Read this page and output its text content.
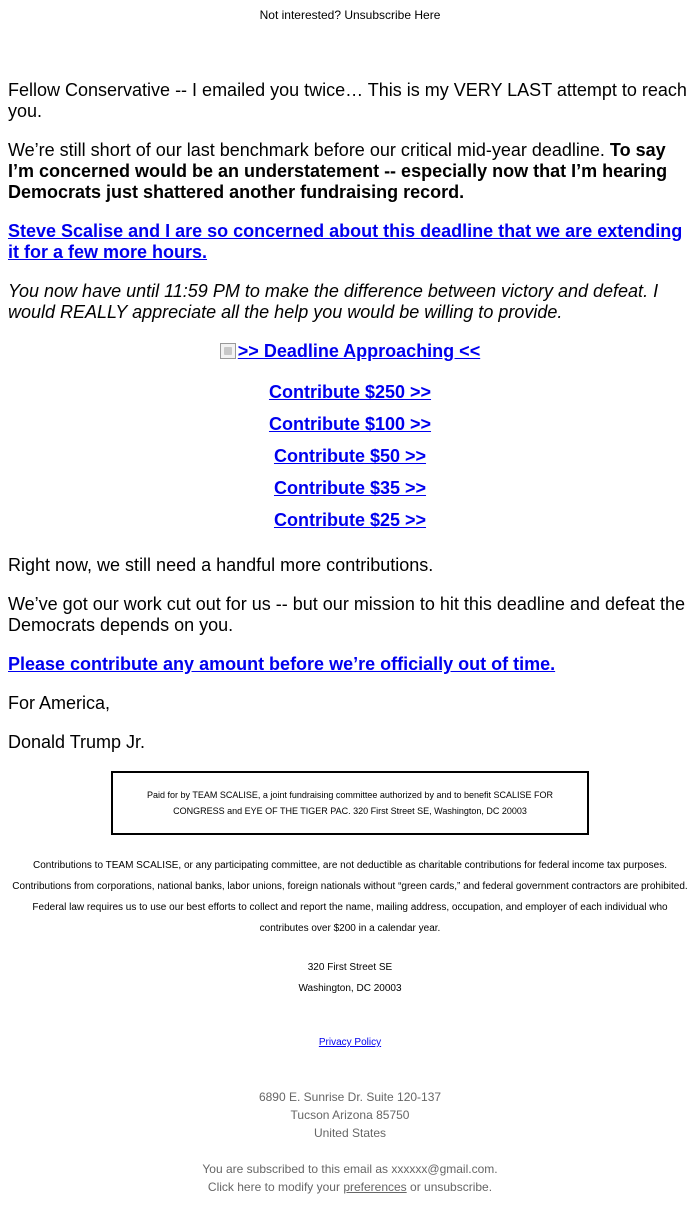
Not interested? Unsubscribe Here

Fellow Conservative -- I emailed you twice… This is my VERY LAST attempt to reach you.

We’re still short of our last benchmark before our critical mid-year deadline. To say I’m concerned would be an understatement -- especially now that I’m hearing Democrats just shattered another fundraising record.

Steve Scalise and I are so concerned about this deadline that we are extending it for a few more hours.

You now have until 11:59 PM to make the difference between victory and defeat. I would REALLY appreciate all the help you would be willing to provide.

>> Deadline Approaching <<
Contribute $250 >>
Contribute $100 >>
Contribute $50 >>
Contribute $35 >>
Contribute $25 >>

Right now, we still need a handful more contributions.

We’ve got our work cut out for us -- but our mission to hit this deadline and defeat the Democrats depends on you.

Please contribute any amount before we’re officially out of time.

For America,

Donald Trump Jr.

Paid for by TEAM SCALISE, a joint fundraising committee authorized by and to benefit SCALISE FOR CONGRESS and EYE OF THE TIGER PAC. 320 First Street SE, Washington, DC 20003
Contributions to TEAM SCALISE, or any participating committee, are not deductible as charitable contributions for federal income tax purposes. Contributions from corporations, national banks, labor unions, foreign nationals without “green cards,” and federal government contractors are prohibited. Federal law requires us to use our best efforts to collect and report the name, mailing address, occupation, and employer of each individual who contributes over $200 in a calendar year.
320 First Street SE
Washington, DC 20003
Privacy Policy
6890 E. Sunrise Dr. Suite 120-137
Tucson Arizona 85750
United States
You are subscribed to this email as xxxxxx@gmail.com.
Click here to modify your preferences or unsubscribe.
